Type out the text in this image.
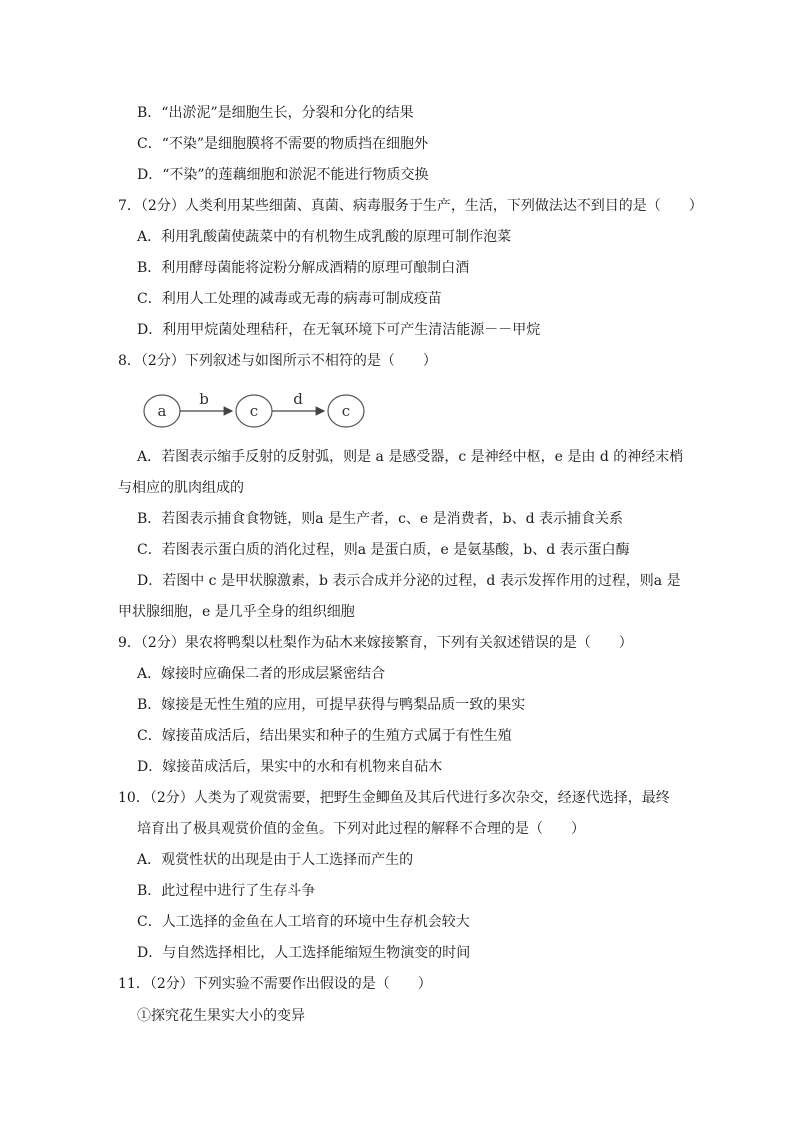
B．“出淤泥”是细胞生长，分裂和分化的结果
C．“不染”是细胞膜将不需要的物质挡在细胞外
D．“不染”的莲藕细胞和淤泥不能进行物质交换
7．（2分）人类利用某些细菌、真菌、病毒服务于生产，生活，下列做法达不到目的是（　　）
A．利用乳酸菌使蔬菜中的有机物生成乳酸的原理可制作泡菜
B．利用酵母菌能将淀粉分解成酒精的原理可酿制白酒
C．利用人工处理的减毒或无毒的病毒可制成疫苗
D．利用甲烷菌处理秸秆，在无氧环境下可产生清洁能源－－甲烷
8．（2分）下列叙述与如图所示不相符的是（　　）
a
b
c
d
c
A．若图表示缩手反射的反射弧，则是 a 是感受器，c 是神经中枢，e 是由 d 的神经末梢
与相应的肌肉组成的
B．若图表示捕食食物链，则a 是生产者，c、e 是消费者，b、d 表示捕食关系
C．若图表示蛋白质的消化过程，则a 是蛋白质，e 是氨基酸，b、d 表示蛋白酶
D．若图中 c 是甲状腺激素，b 表示合成并分泌的过程，d 表示发挥作用的过程，则a 是
甲状腺细胞，e 是几乎全身的组织细胞
9．（2分）果农将鸭梨以杜梨作为砧木来嫁接繁育，下列有关叙述错误的是（　　）
A．嫁接时应确保二者的形成层紧密结合
B．嫁接是无性生殖的应用，可提早获得与鸭梨品质一致的果实
C．嫁接苗成活后，结出果实和种子的生殖方式属于有性生殖
D．嫁接苗成活后，果实中的水和有机物来自砧木
10．（2分）人类为了观赏需要，把野生金鲫鱼及其后代进行多次杂交，经逐代选择，最终
培育出了极具观赏价值的金鱼。下列对此过程的解释不合理的是（　　）
A．观赏性状的出现是由于人工选择而产生的
B．此过程中进行了生存斗争
C．人工选择的金鱼在人工培育的环境中生存机会较大
D．与自然选择相比，人工选择能缩短生物演变的时间
11．（2分）下列实验不需要作出假设的是（　　）
①探究花生果实大小的变异
